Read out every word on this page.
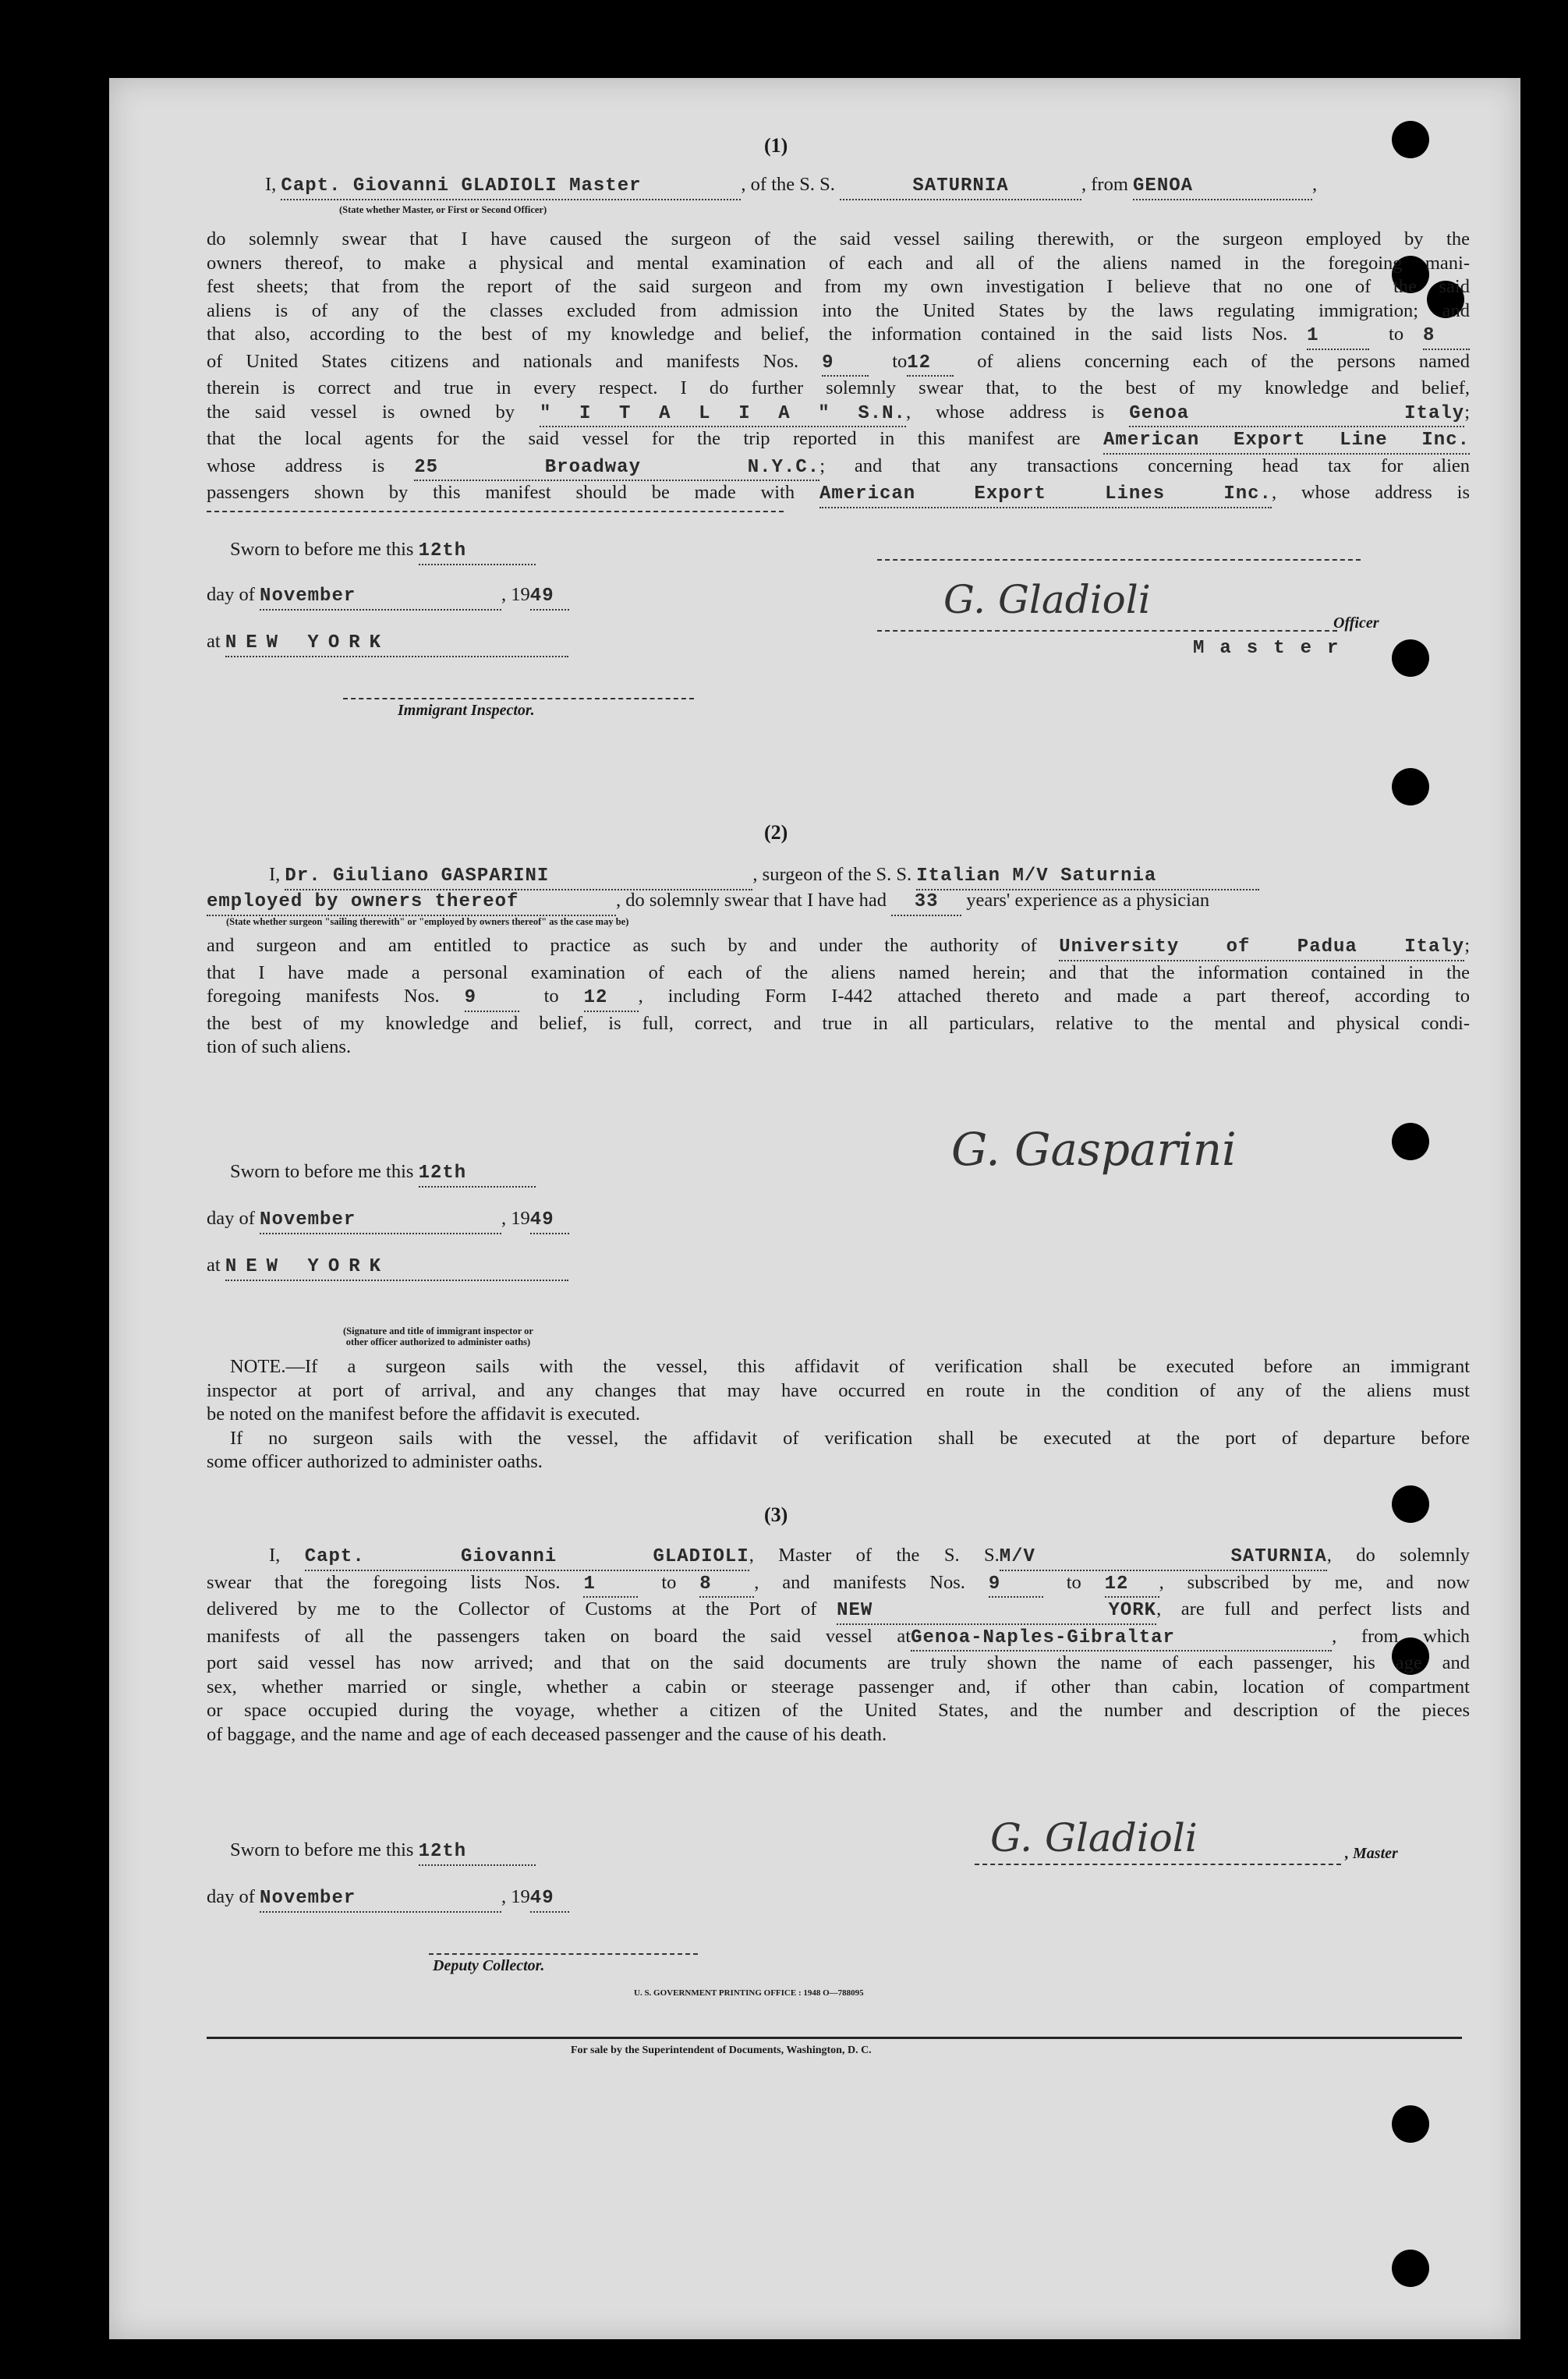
(1)
I, Capt. Giovanni GLADIOLI Master	, of the S. S.	SATURNIA	, from GENOA	,
(State whether Master, or First or Second Officer)
do solemnly swear that I have caused the surgeon of the said vessel sailing therewith, or the surgeon employed by the
owners thereof, to make a physical and mental examination of each and all of the aliens named in the foregoing mani-
fest sheets; that from the report of the said surgeon and from my own investigation I believe that no one of the said
aliens is of any of the classes excluded from admission into the United States by the laws regulating immigration; and
that also, according to the best of my knowledge and belief, the information contained in the said lists Nos. 1	to 8
of United States citizens and nationals and manifests Nos. 9	to12 of aliens concerning each of the persons named
therein is correct and true in every respect. I do further solemnly swear that, to the best of my knowledge and belief,
the said vessel is owned by " I T A L I A " S.N., whose address is Genoa Italy;
that the local agents for the said vessel for the trip reported in this manifest are American Export Line Inc.
whose address is 25 Broadway N.Y.C.; and that any transactions concerning head tax for alien
passengers shown by this manifest should be made with American Export Lines Inc., whose address is
Sworn to before me this 12th
day of November	, 1949
at NEW YORK
Immigrant Inspector.
G. Gladioli
Officer
Master
(2)
I, Dr. Giuliano GASPARINI	, surgeon of the S. S. Italian M/V Saturnia
employed by owners thereof	, do solemnly swear that I have had 33 years' experience as a physician
(State whether surgeon "sailing therewith" or "employed by owners thereof" as the case may be)
and surgeon and am entitled to practice as such by and under the authority of University of Padua Italy;
that I have made a personal examination of each of the aliens named herein; and that the information contained in the
foregoing manifests Nos. 9	to 12 , including Form I-442 attached thereto and made a part thereof, according to
the best of my knowledge and belief, is full, correct, and true in all particulars, relative to the mental and physical condi-
tion of such aliens.
Sworn to before me this 12th
day of November	, 1949
at NEW YORK
(Signature and title of immigrant inspector or
other officer authorized to administer oaths)
G. Gasparini
NOTE.—If a surgeon sails with the vessel, this affidavit of verification shall be executed before an immigrant
inspector at port of arrival, and any changes that may have occurred en route in the condition of any of the aliens must
be noted on the manifest before the affidavit is executed.
If no surgeon sails with the vessel, the affidavit of verification shall be executed at the port of departure before
some officer authorized to administer oaths.
(3)
I, Capt. Giovanni GLADIOLI, Master of the S. S.M/V SATURNIA, do solemnly
swear that the foregoing lists Nos. 1	to 8 , and manifests Nos. 9	to 12 , subscribed by me, and now
delivered by me to the Collector of Customs at the Port of NEW YORK, are full and perfect lists and
manifests of all the passengers taken on board the said vessel atGenoa-Naples-Gibraltar	, from which
port said vessel has now arrived; and that on the said documents are truly shown the name of each passenger, his age and
sex, whether married or single, whether a cabin or steerage passenger and, if other than cabin, location of compartment
or space occupied during the voyage, whether a citizen of the United States, and the number and description of the pieces
of baggage, and the name and age of each deceased passenger and the cause of his death.
Sworn to before me this 12th
day of November	, 1949
Deputy Collector.
G. Gladioli	, Master
U. S. GOVERNMENT PRINTING OFFICE : 1948 O—788095
For sale by the Superintendent of Documents, Washington, D. C.
